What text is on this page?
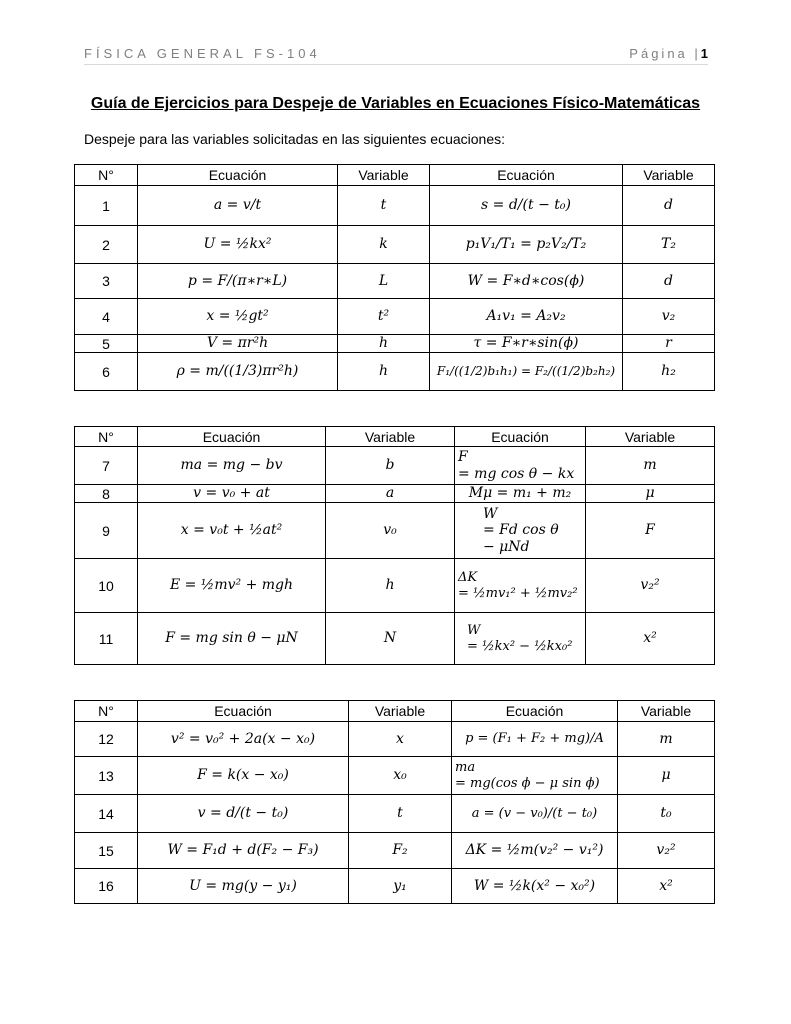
FÍSICA GENERAL FS-104	Página |1
Guía de Ejercicios para Despeje de Variables en Ecuaciones Físico-Matemáticas
Despeje para las variables solicitadas en las siguientes ecuaciones:
N°	Ecuación	Variable	Ecuación	Variable
1	a = v/t	t	s = d/(t − t₀)	d
2	U = ½kx²	k	p₁V₁/T₁ = p₂V₂/T₂	T₂
3	p = F/(π∗r∗L)	L	W = F∗d∗cos(ϕ)	d
4	x = ½gt²	t²	A₁v₁ = A₂v₂	v₂
5	V = πr²h	h	τ = F∗r∗sin(ϕ)	r
6	ρ = m/((1/3)πr²h)	h	F₁/((1/2)b₁h₁) = F₂/((1/2)b₂h₂)	h₂
N°	Ecuación	Variable	Ecuación	Variable
7	ma = mg − bv	b	F
= mg cos θ − kx	m
8	v = v₀ + at	a	Mμ = m₁ + m₂	μ
9	x = v₀t + ½at²	v₀	W
= Fd cos θ
− μNd	F
10	E = ½mv² + mgh	h	ΔK
= ½mv₁² + ½mv₂²	v₂²
11	F = mg sin θ − μN	N	W
= ½kx² − ½kx₀²	x²
N°	Ecuación	Variable	Ecuación	Variable
12	v² = v₀² + 2a(x − x₀)	x	p = (F₁ + F₂ + mg)/A	m
13	F = k(x − x₀)	x₀	ma
= mg(cos ϕ − μ sin ϕ)	μ
14	v = d/(t − t₀)	t	a = (v − v₀)/(t − t₀)	t₀
15	W = F₁d + d(F₂ − F₃)	F₂	ΔK = ½m(v₂² − v₁²)	v₂²
16	U = mg(y − y₁)	y₁	W = ½k(x² − x₀²)	x²
